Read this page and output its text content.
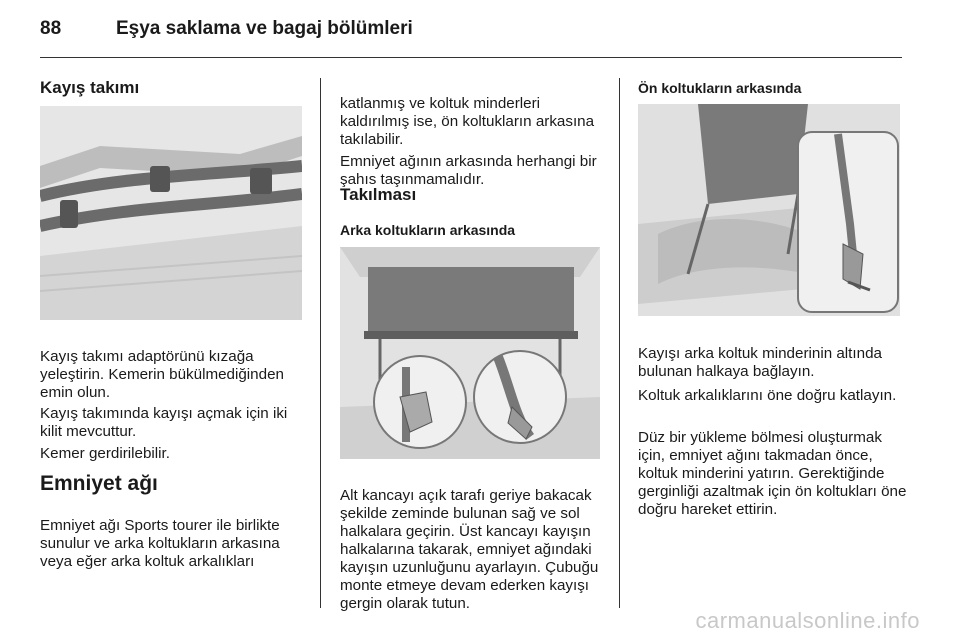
88	Eşya saklama ve bagaj bölümleri
Kayış takımı

Kayış takımı adaptörünü kızağa yeleştirin. Kemerin bükülmediğinden emin olun.

Kayış takımında kayışı açmak için iki kilit mevcuttur.

Kemer gerdirilebilir.

Emniyet ağı

Emniyet ağı Sports tourer ile birlikte sunulur ve arka koltukların arkasına veya eğer arka koltuk arkalıkları

katlanmış ve koltuk minderleri kaldırılmış ise, ön koltukların arkasına takılabilir.

Emniyet ağının arkasında herhangi bir şahıs taşınmamalıdır.

Takılması
Arka koltukların arkasında

Alt kancayı açık tarafı geriye bakacak şekilde zeminde bulunan sağ ve sol halkalara geçirin. Üst kancayı kayışın halkalarına takarak, emniyet ağındaki kayışın uzunluğunu ayarlayın. Çubuğu monte etmeye devam ederken kayışı gergin olarak tutun.

Ön koltukların arkasında

Kayışı arka koltuk minderinin altında bulunan halkaya bağlayın.

Koltuk arkalıklarını öne doğru katlayın.

Düz bir yükleme bölmesi oluşturmak için, emniyet ağını takmadan önce, koltuk minderini yatırın. Gerektiğinde gerginliği azaltmak için ön koltukları öne doğru hareket ettirin.

carmanualsonline.info
